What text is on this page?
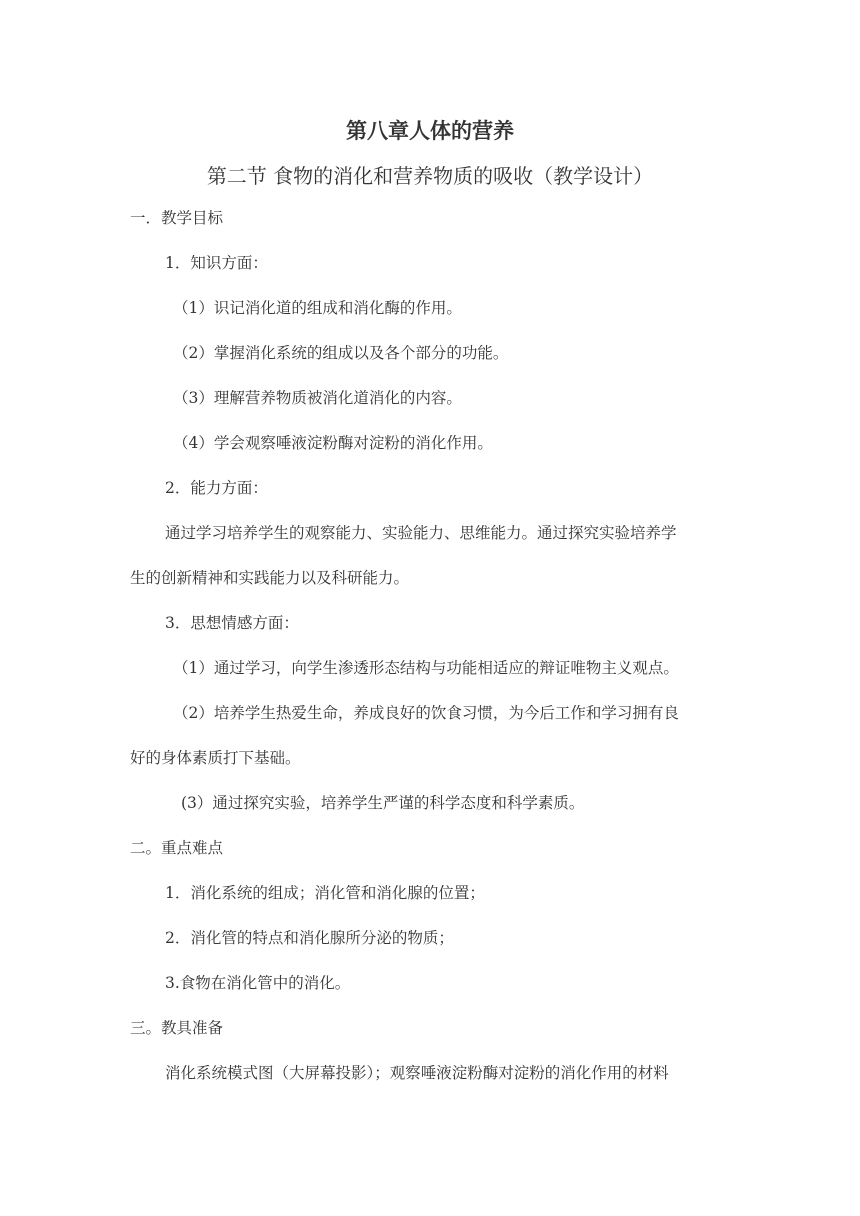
第八章人体的营养
第二节 食物的消化和营养物质的吸收（教学设计）
一．教学目标
1．知识方面：
（1）识记消化道的组成和消化酶的作用。
（2）掌握消化系统的组成以及各个部分的功能。
（3）理解营养物质被消化道消化的内容。
（4）学会观察唾液淀粉酶对淀粉的消化作用。
2．能力方面：
通过学习培养学生的观察能力、实验能力、思维能力。通过探究实验培养学
生的创新精神和实践能力以及科研能力。
3．思想情感方面：
（1）通过学习，向学生渗透形态结构与功能相适应的辩证唯物主义观点。
（2）培养学生热爱生命，养成良好的饮食习惯，为今后工作和学习拥有良
好的身体素质打下基础。
(3）通过探究实验，培养学生严谨的科学态度和科学素质。
二。重点难点
1．消化系统的组成；消化管和消化腺的位置；
2．消化管的特点和消化腺所分泌的物质；
3.食物在消化管中的消化。
三。教具准备
消化系统模式图（大屏幕投影）；观察唾液淀粉酶对淀粉的消化作用的材料
